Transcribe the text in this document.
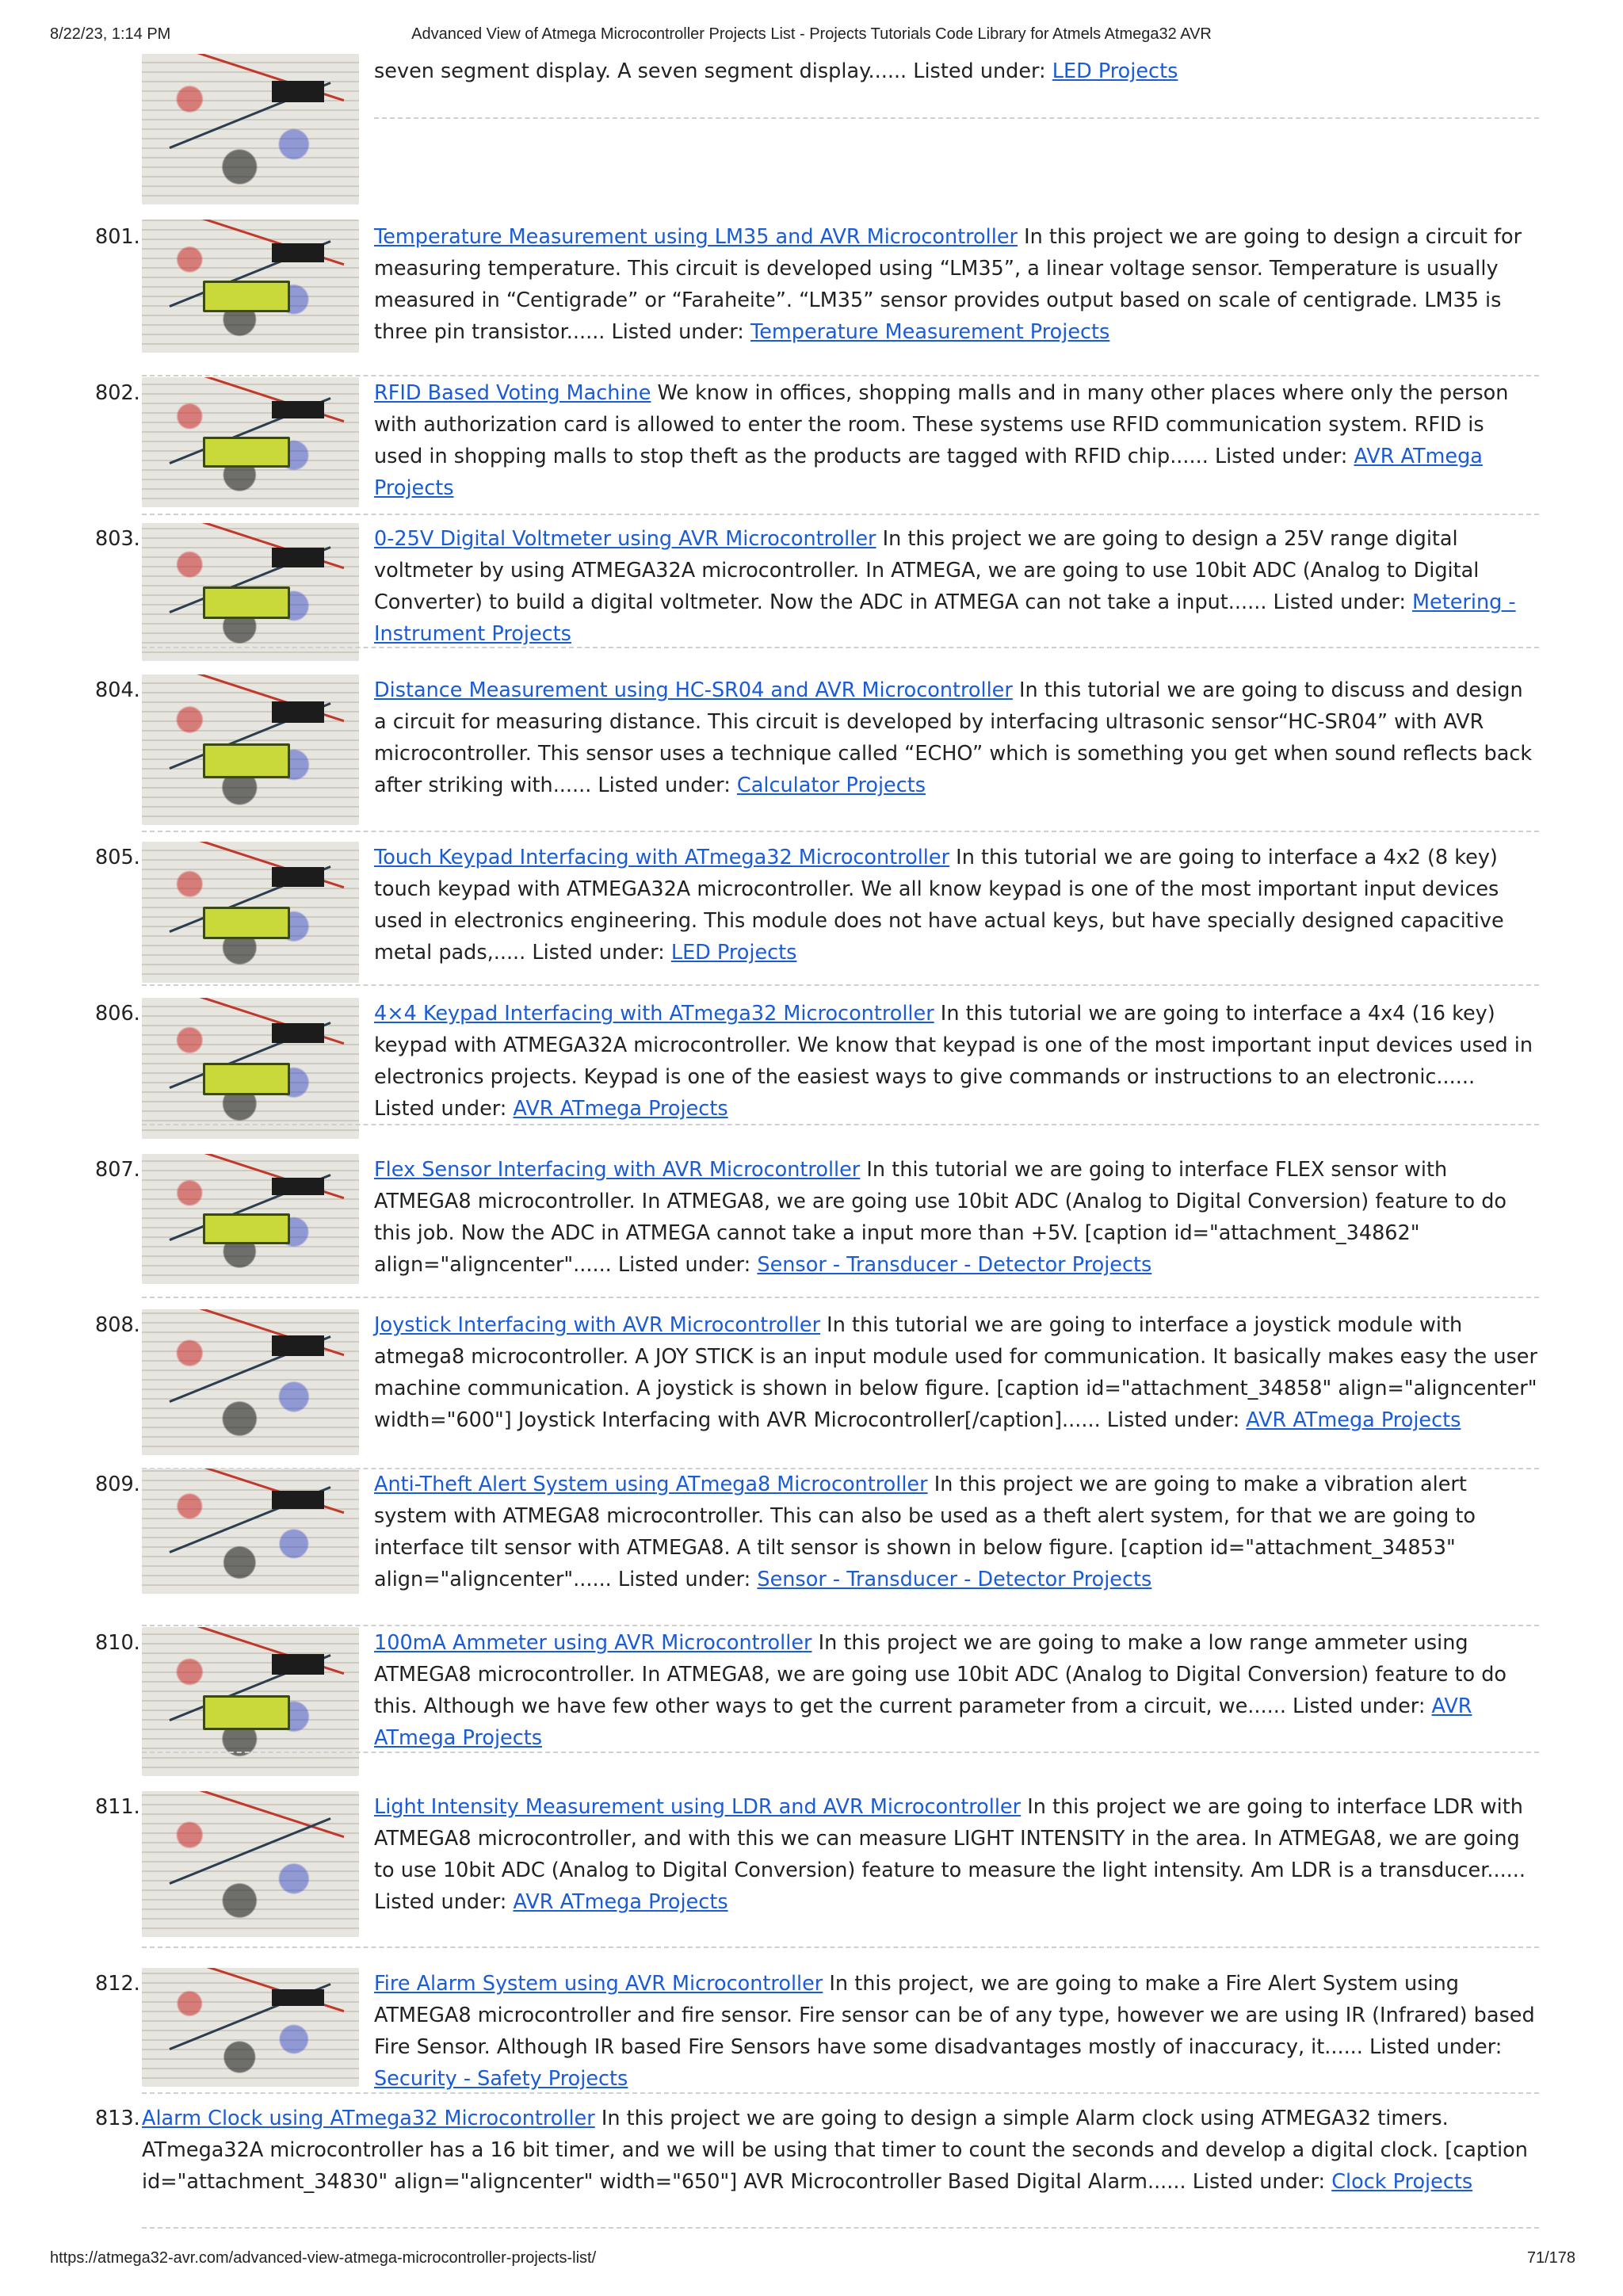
8/22/23, 1:14 PM	Advanced View of Atmega Microcontroller Projects List - Projects Tutorials Code Library for Atmels Atmega32 AVR

seven segment display. A seven segment display...... Listed under: LED Projects

801.	Temperature Measurement using LM35 and AVR Microcontroller In this project we are going to design a circuit for measuring temperature. This circuit is developed using “LM35”, a linear voltage sensor. Temperature is usually measured in “Centigrade” or “Faraheite”. “LM35” sensor provides output based on scale of centigrade. LM35 is three pin transistor...... Listed under: Temperature Measurement Projects

802.	RFID Based Voting Machine We know in offices, shopping malls and in many other places where only the person with authorization card is allowed to enter the room. These systems use RFID communication system. RFID is used in shopping malls to stop theft as the products are tagged with RFID chip...... Listed under: AVR ATmega Projects

803.	0-25V Digital Voltmeter using AVR Microcontroller In this project we are going to design a 25V range digital voltmeter by using ATMEGA32A microcontroller. In ATMEGA, we are going to use 10bit ADC (Analog to Digital Converter) to build a digital voltmeter. Now the ADC in ATMEGA can not take a input...... Listed under: Metering - Instrument Projects

804.	Distance Measurement using HC-SR04 and AVR Microcontroller In this tutorial we are going to discuss and design a circuit for measuring distance. This circuit is developed by interfacing ultrasonic sensor“HC-SR04” with AVR microcontroller. This sensor uses a technique called “ECHO” which is something you get when sound reflects back after striking with...... Listed under: Calculator Projects

805.	Touch Keypad Interfacing with ATmega32 Microcontroller In this tutorial we are going to interface a 4x2 (8 key) touch keypad with ATMEGA32A microcontroller. We all know keypad is one of the most important input devices used in electronics engineering. This module does not have actual keys, but have specially designed capacitive metal pads,..... Listed under: LED Projects

806.	4×4 Keypad Interfacing with ATmega32 Microcontroller In this tutorial we are going to interface a 4x4 (16 key) keypad with ATMEGA32A microcontroller. We know that keypad is one of the most important input devices used in electronics projects. Keypad is one of the easiest ways to give commands or instructions to an electronic...... Listed under: AVR ATmega Projects

807.	Flex Sensor Interfacing with AVR Microcontroller In this tutorial we are going to interface FLEX sensor with ATMEGA8 microcontroller. In ATMEGA8, we are going use 10bit ADC (Analog to Digital Conversion) feature to do this job. Now the ADC in ATMEGA cannot take a input more than +5V. [caption id="attachment_34862" align="aligncenter"...... Listed under: Sensor - Transducer - Detector Projects

808.	Joystick Interfacing with AVR Microcontroller In this tutorial we are going to interface a joystick module with atmega8 microcontroller. A JOY STICK is an input module used for communication. It basically makes easy the user machine communication. A joystick is shown in below figure. [caption id="attachment_34858" align="aligncenter" width="600"] Joystick Interfacing with AVR Microcontroller[/caption]...... Listed under: AVR ATmega Projects

809.	Anti-Theft Alert System using ATmega8 Microcontroller In this project we are going to make a vibration alert system with ATMEGA8 microcontroller. This can also be used as a theft alert system, for that we are going to interface tilt sensor with ATMEGA8. A tilt sensor is shown in below figure. [caption id="attachment_34853" align="aligncenter"...... Listed under: Sensor - Transducer - Detector Projects

810.	100mA Ammeter using AVR Microcontroller In this project we are going to make a low range ammeter using ATMEGA8 microcontroller. In ATMEGA8, we are going use 10bit ADC (Analog to Digital Conversion) feature to do this. Although we have few other ways to get the current parameter from a circuit, we...... Listed under: AVR ATmega Projects

811.	Light Intensity Measurement using LDR and AVR Microcontroller In this project we are going to interface LDR with ATMEGA8 microcontroller, and with this we can measure LIGHT INTENSITY in the area. In ATMEGA8, we are going to use 10bit ADC (Analog to Digital Conversion) feature to measure the light intensity. Am LDR is a transducer...... Listed under: AVR ATmega Projects

812.	Fire Alarm System using AVR Microcontroller In this project, we are going to make a Fire Alert System using ATMEGA8 microcontroller and fire sensor. Fire sensor can be of any type, however we are using IR (Infrared) based Fire Sensor. Although IR based Fire Sensors have some disadvantages mostly of inaccuracy, it...... Listed under: Security - Safety Projects

813. Alarm Clock using ATmega32 Microcontroller In this project we are going to design a simple Alarm clock using ATMEGA32 timers. ATmega32A microcontroller has a 16 bit timer, and we will be using that timer to count the seconds and develop a digital clock. [caption id="attachment_34830" align="aligncenter" width="650"] AVR Microcontroller Based Digital Alarm...... Listed under: Clock Projects

https://atmega32-avr.com/advanced-view-atmega-microcontroller-projects-list/	71/178
